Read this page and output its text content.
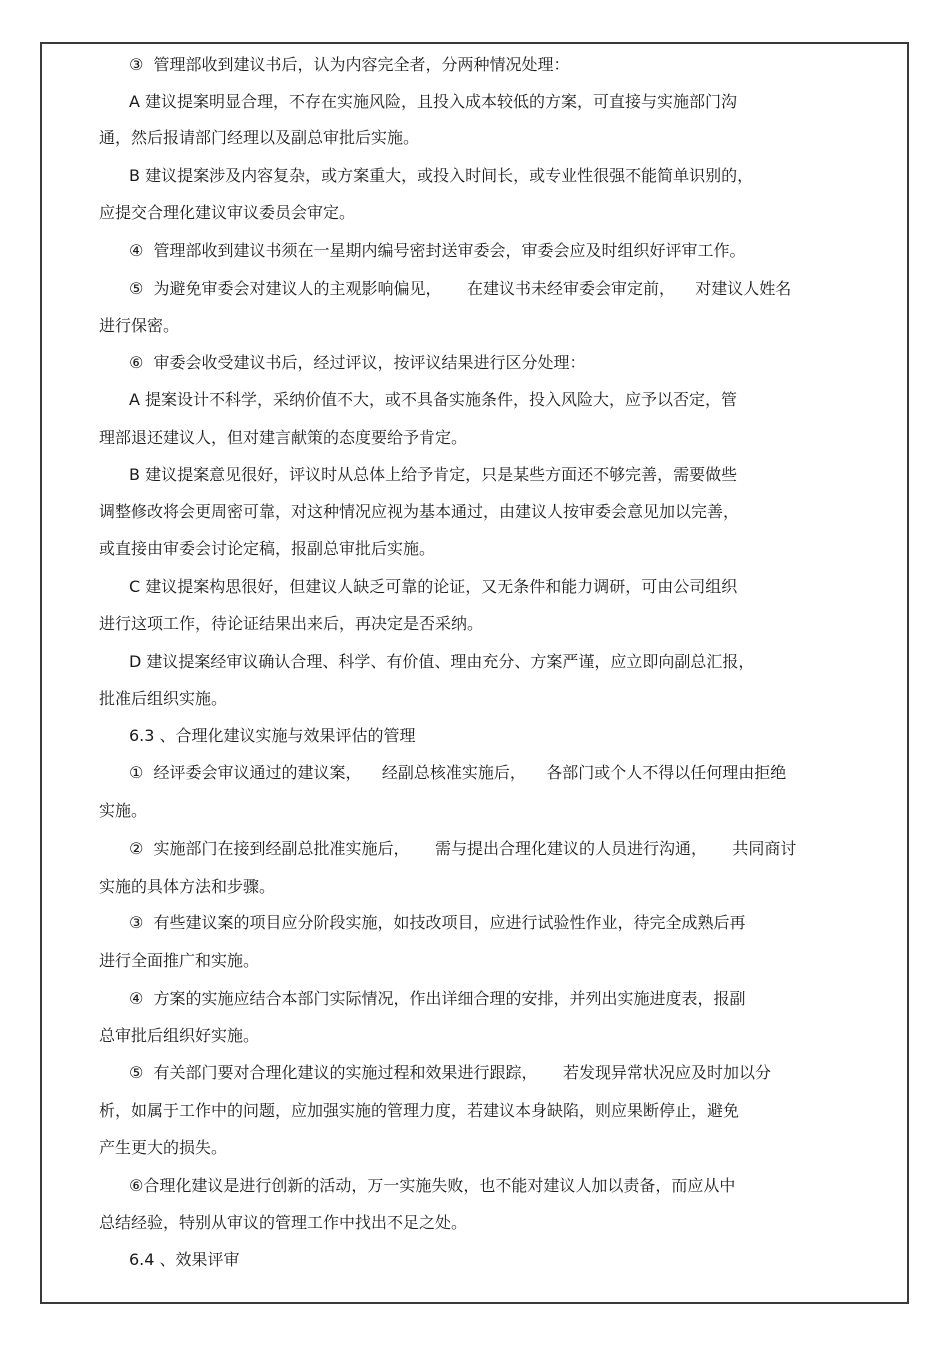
③  管理部收到建议书后，认为内容完全者，分两种情况处理：
A 建议提案明显合理，不存在实施风险，且投入成本较低的方案，可直接与实施部门沟
通，然后报请部门经理以及副总审批后实施。
B 建议提案涉及内容复杂，或方案重大，或投入时间长，或专业性很强不能简单识别的，
应提交合理化建议审议委员会审定。
④  管理部收到建议书须在一星期内编号密封送审委会，审委会应及时组织好评审工作。
⑤  为避免审委会对建议人的主观影响偏见，     在建议书未经审委会审定前，    对建议人姓名
进行保密。
⑥  审委会收受建议书后，经过评议，按评议结果进行区分处理：
A 提案设计不科学，采纳价值不大，或不具备实施条件，投入风险大，应予以否定，管
理部退还建议人，但对建言献策的态度要给予肯定。
B 建议提案意见很好，评议时从总体上给予肯定，只是某些方面还不够完善，需要做些
调整修改将会更周密可靠，对这种情况应视为基本通过，由建议人按审委会意见加以完善，
或直接由审委会讨论定稿，报副总审批后实施。
C 建议提案构思很好，但建议人缺乏可靠的论证，又无条件和能力调研，可由公司组织
进行这项工作，待论证结果出来后，再决定是否采纳。
D 建议提案经审议确认合理、科学、有价值、理由充分、方案严谨，应立即向副总汇报，
批准后组织实施。
6.3 、合理化建议实施与效果评估的管理
①  经评委会审议通过的建议案，    经副总核准实施后，    各部门或个人不得以任何理由拒绝
实施。
②  实施部门在接到经副总批准实施后，     需与提出合理化建议的人员进行沟通，     共同商讨
实施的具体方法和步骤。
③  有些建议案的项目应分阶段实施，如技改项目，应进行试验性作业，待完全成熟后再
进行全面推广和实施。
④  方案的实施应结合本部门实际情况，作出详细合理的安排，并列出实施进度表，报副
总审批后组织好实施。
⑤  有关部门要对合理化建议的实施过程和效果进行跟踪，     若发现异常状况应及时加以分
析，如属于工作中的问题，应加强实施的管理力度，若建议本身缺陷，则应果断停止，避免
产生更大的损失。
⑥合理化建议是进行创新的活动，万一实施失败，也不能对建议人加以责备，而应从中
总结经验，特别从审议的管理工作中找出不足之处。
6.4 、效果评审
